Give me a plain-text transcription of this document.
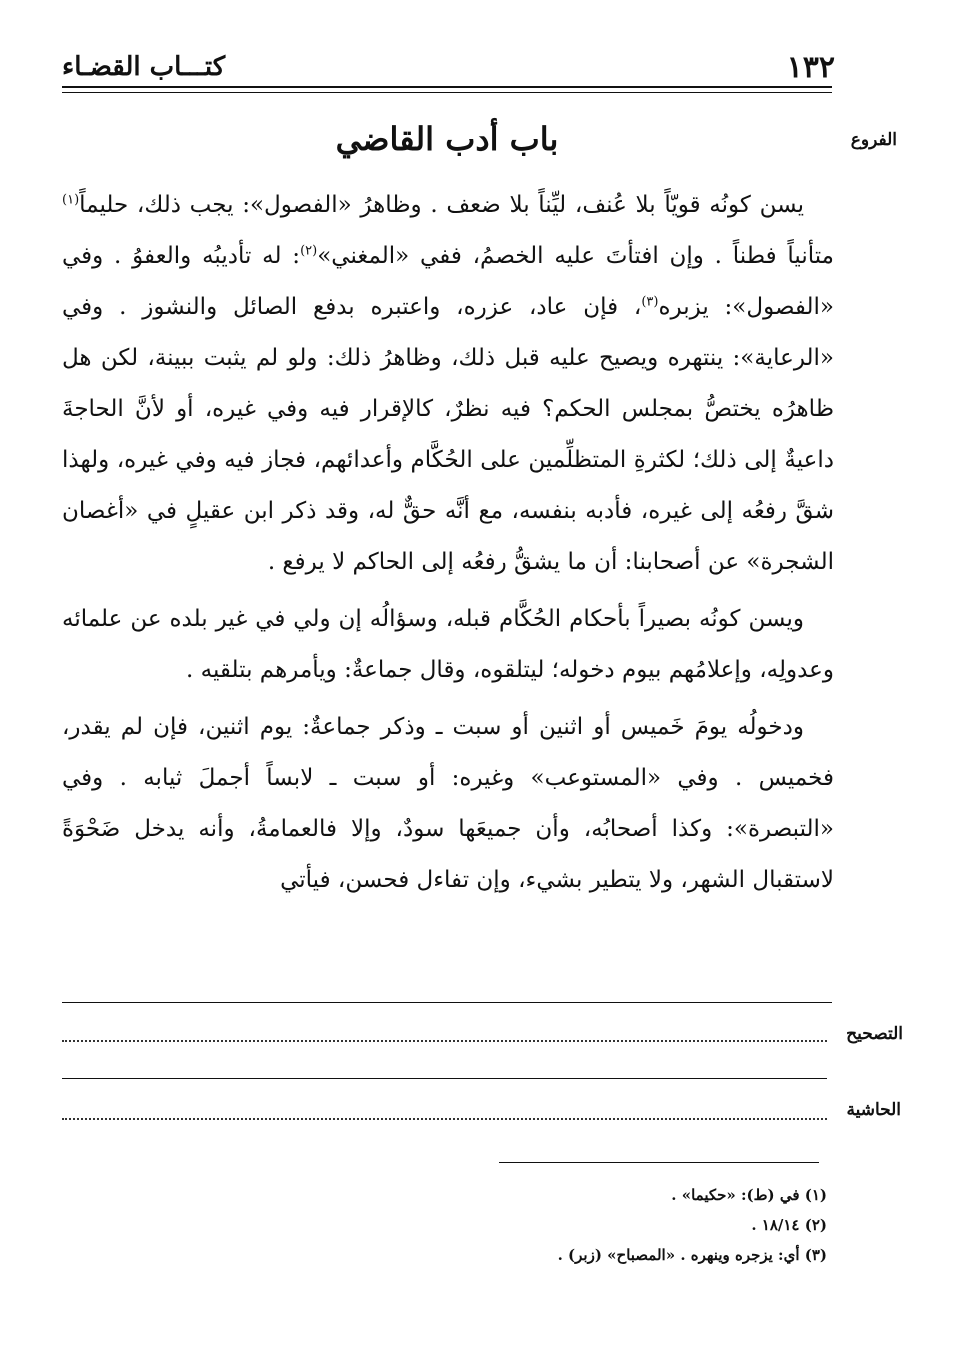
١٣٢
كتـــاب القضـاء
الفروع
باب أدب القاضي

يسن كونُه قويّاً بلا عُنف، ليِّناً بلا ضعف . وظاهرُ «الفصول»: يجب ذلك، حليماً$^{(١)}$ متأنياً فطناً . وإن افتأتَ عليه الخصمُ، ففي «المغني»$^{(٢)}$: له تأديبُه والعفوُ . وفي «الفصول»: يزبره$^{(٣)}$، فإن عاد، عزره، واعتبره بدفع الصائل والنشوز . وفي «الرعاية»: ينتهره ويصيح عليه قبل ذلك، وظاهرُ ذلك: ولو لم يثبت ببينة، لكن هل ظاهرُه يختصُّ بمجلس الحكم؟ فيه نظرٌ، كالإقرار فيه وفي غيره، أو لأنَّ الحاجةَ داعيةٌ إلى ذلك؛ لكثرةِ المتظلِّمين على الحُكَّام وأعدائهم، فجاز فيه وفي غيره، ولهذا شقَّ رفعُه إلى غيره، فأدبه بنفسه، مع أنَّه حقٌّ له، وقد ذكر ابن عقيلٍ في «أغصان الشجرة» عن أصحابنا: أن ما يشقُّ رفعُه إلى الحاكم لا يرفع .

ويسن كونُه بصيراً بأحكام الحُكَّام قبله، وسؤالُه إن ولي في غير بلده عن علمائه وعدولِه، وإعلامُهم بيوم دخوله؛ ليتلقوه، وقال جماعةٌ: ويأمرهم بتلقيه .

ودخولُه يومَ خَميس أو اثنين أو سبت ـ وذكر جماعةٌ: يوم اثنين، فإن لم يقدر، فخميس . وفي «المستوعب» وغيره: أو سبت ـ لابساً أجملَ ثيابه . وفي «التبصرة»: وكذا أصحابُه، وأن جميعَها سودٌ، وإلا فالعمامةُ، وأنه يدخل ضَحْوَةً لاستقبال الشهر، ولا يتطير بشيء، وإن تفاءل فحسن، فيأتي

التصحيح
الحاشية
(١) في (ط): «حكيما» .
(٢) ١٨/١٤ .
(٣) أي: يزجره وينهره . «المصباح» (زبر) .
